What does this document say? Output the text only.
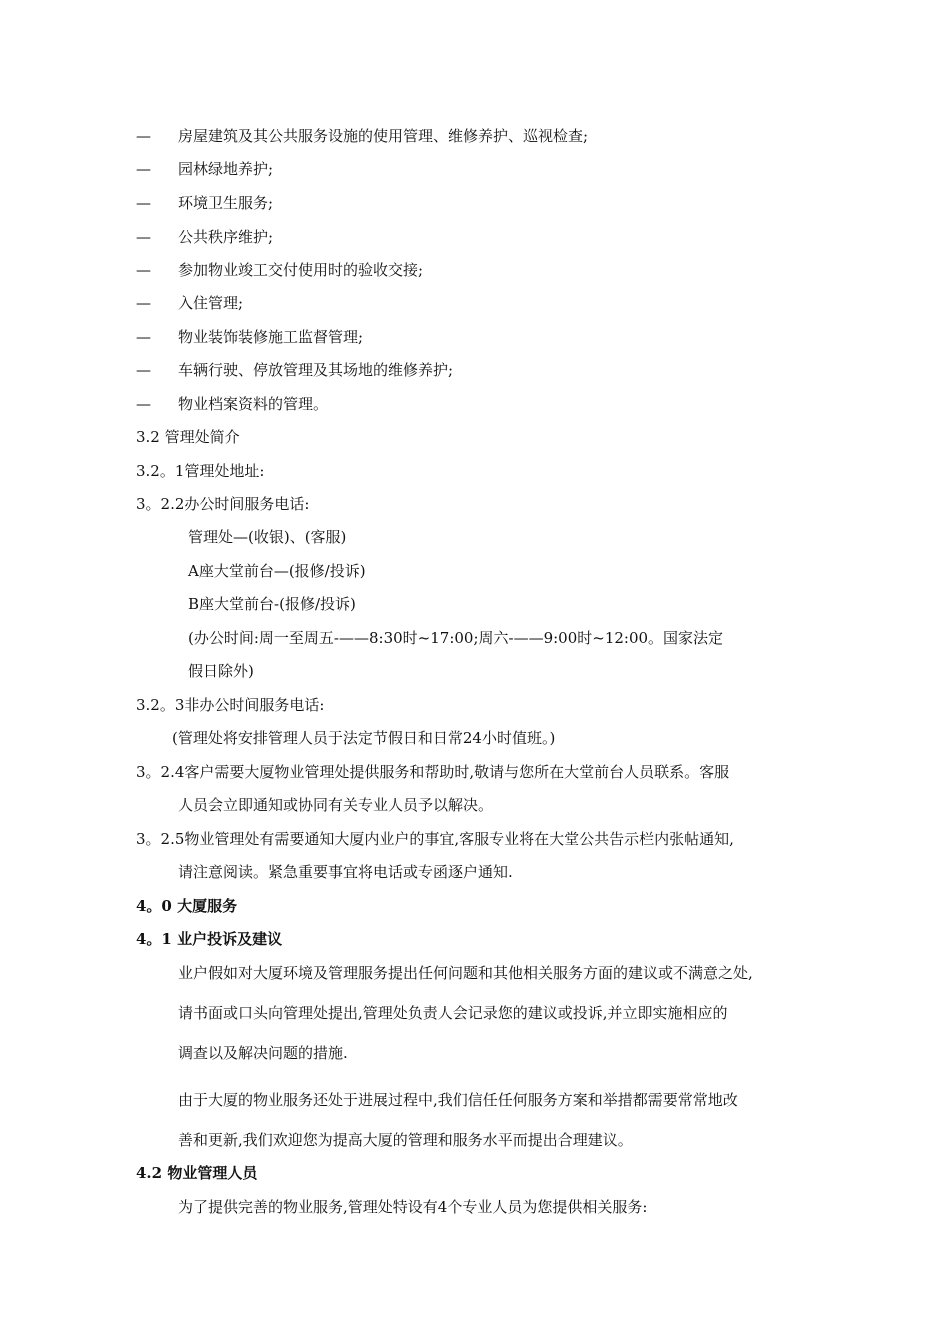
— 房屋建筑及其公共服务设施的使用管理、维修养护、巡视检查;
— 园林绿地养护;
— 环境卫生服务;
— 公共秩序维护;
— 参加物业竣工交付使用时的验收交接;
— 入住管理;
— 物业装饰装修施工监督管理;
— 车辆行驶、停放管理及其场地的维修养护;
— 物业档案资料的管理。
3.2 管理处简介
3.2。1管理处地址:
3。2.2办公时间服务电话:
管理处—(收银)、(客服)
A座大堂前台—(报修/投诉)
B座大堂前台-(报修/投诉)
(办公时间:周一至周五-——8:30时~17:00;周六-——9:00时~12:00。国家法定
假日除外)
3.2。3非办公时间服务电话:
(管理处将安排管理人员于法定节假日和日常24小时值班。)
3。2.4客户需要大厦物业管理处提供服务和帮助时,敬请与您所在大堂前台人员联系。客服
人员会立即通知或协同有关专业人员予以解决。
3。2.5物业管理处有需要通知大厦内业户的事宜,客服专业将在大堂公共告示栏内张帖通知,
请注意阅读。紧急重要事宜将电话或专函逐户通知.
4。0 大厦服务
4。1 业户投诉及建议
业户假如对大厦环境及管理服务提出任何问题和其他相关服务方面的建议或不满意之处,
请书面或口头向管理处提出,管理处负责人会记录您的建议或投诉,并立即实施相应的
调查以及解决问题的措施.
由于大厦的物业服务还处于进展过程中,我们信任任何服务方案和举措都需要常常地改
善和更新,我们欢迎您为提高大厦的管理和服务水平而提出合理建议。
4.2 物业管理人员
为了提供完善的物业服务,管理处特设有4个专业人员为您提供相关服务:
